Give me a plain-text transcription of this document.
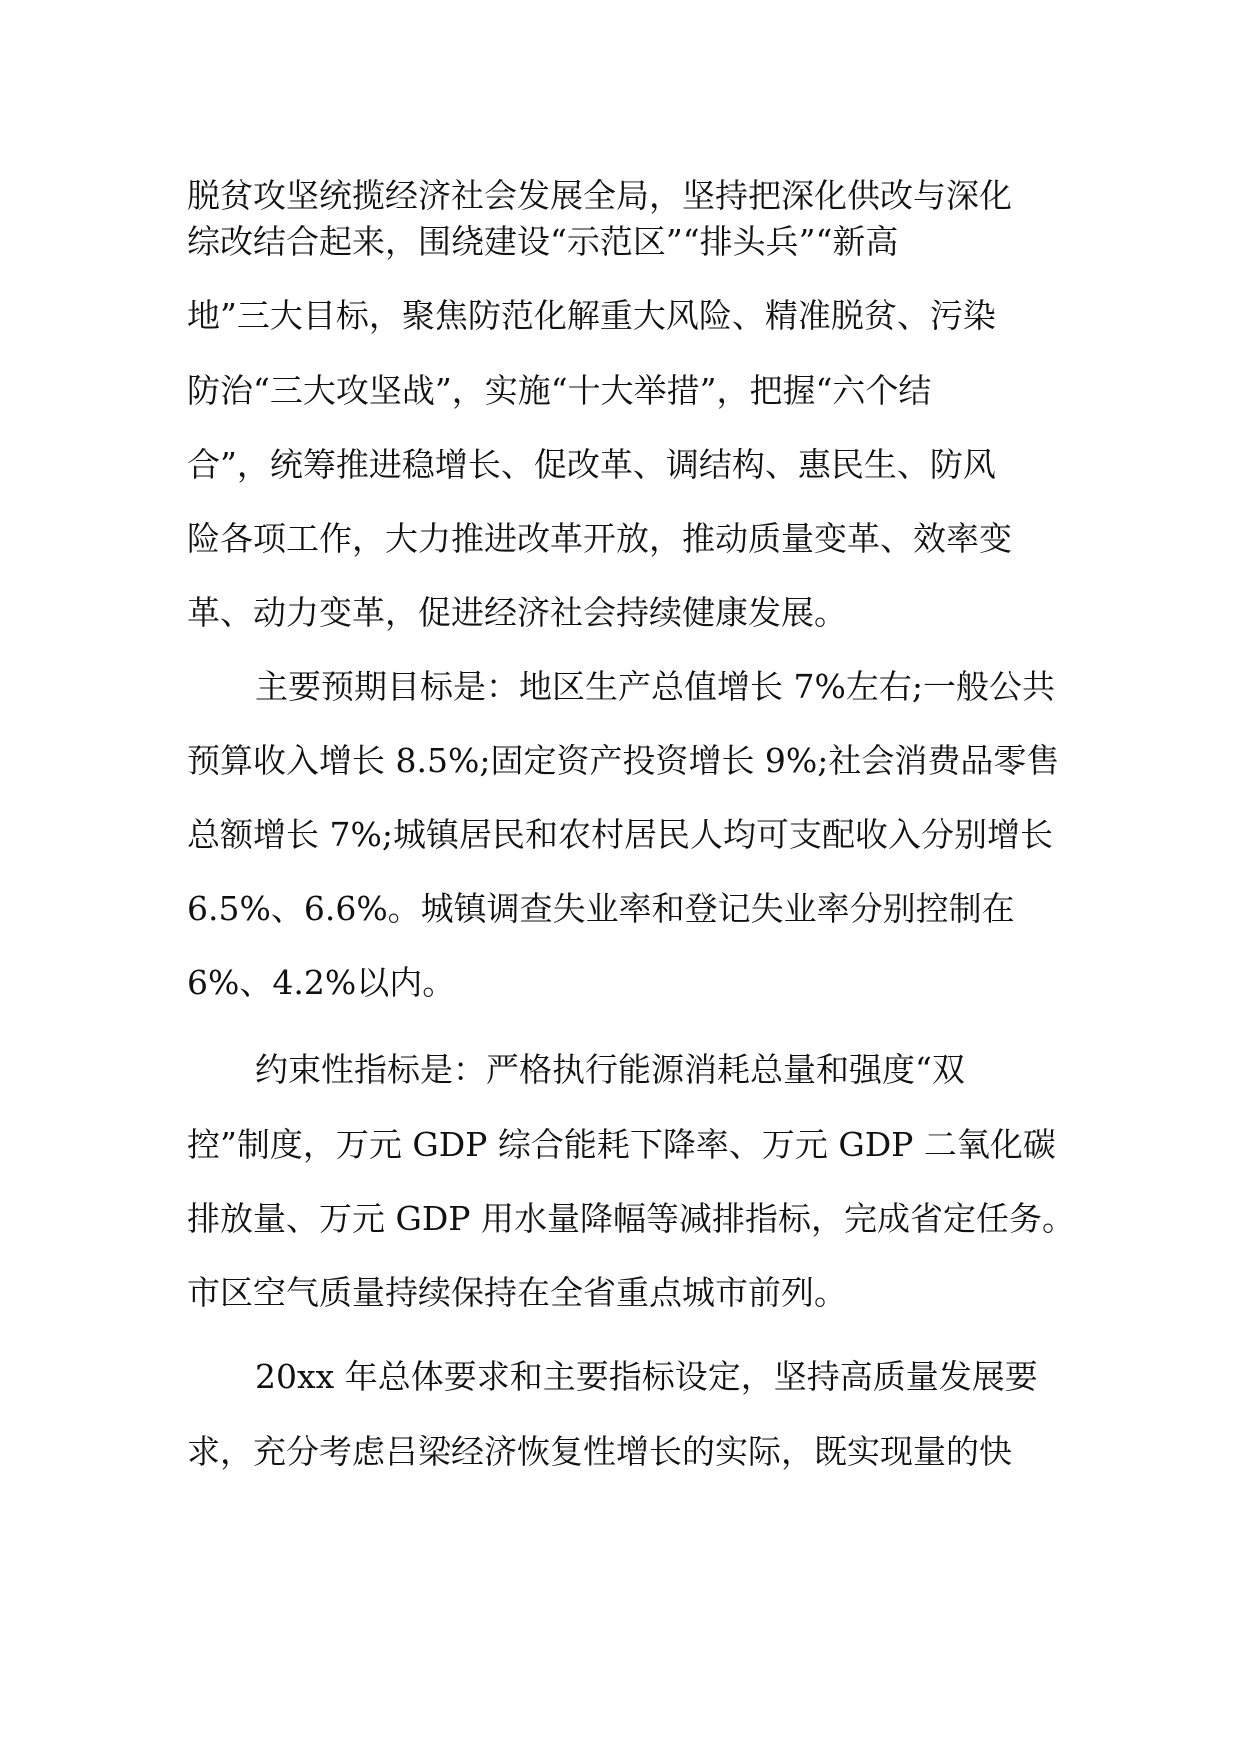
脱贫攻坚统揽经济社会发展全局，坚持把深化供改与深化
综改结合起来，围绕建设“示范区”“排头兵”“新高
地”三大目标，聚焦防范化解重大风险、精准脱贫、污染
防治“三大攻坚战”，实施“十大举措”，把握“六个结
合”，统筹推进稳增长、促改革、调结构、惠民生、防风
险各项工作，大力推进改革开放，推动质量变革、效率变
革、动力变革，促进经济社会持续健康发展。
主要预期目标是：地区生产总值增长 7%左右;一般公共
预算收入增长 8.5%;固定资产投资增长 9%;社会消费品零售
总额增长 7%;城镇居民和农村居民人均可支配收入分别增长
6.5%、6.6%。城镇调查失业率和登记失业率分别控制在
6%、4.2%以内。
约束性指标是：严格执行能源消耗总量和强度“双
控”制度，万元 GDP 综合能耗下降率、万元 GDP 二氧化碳
排放量、万元 GDP 用水量降幅等减排指标，完成省定任务。
市区空气质量持续保持在全省重点城市前列。
20xx 年总体要求和主要指标设定，坚持高质量发展要
求，充分考虑吕梁经济恢复性增长的实际，既实现量的快
